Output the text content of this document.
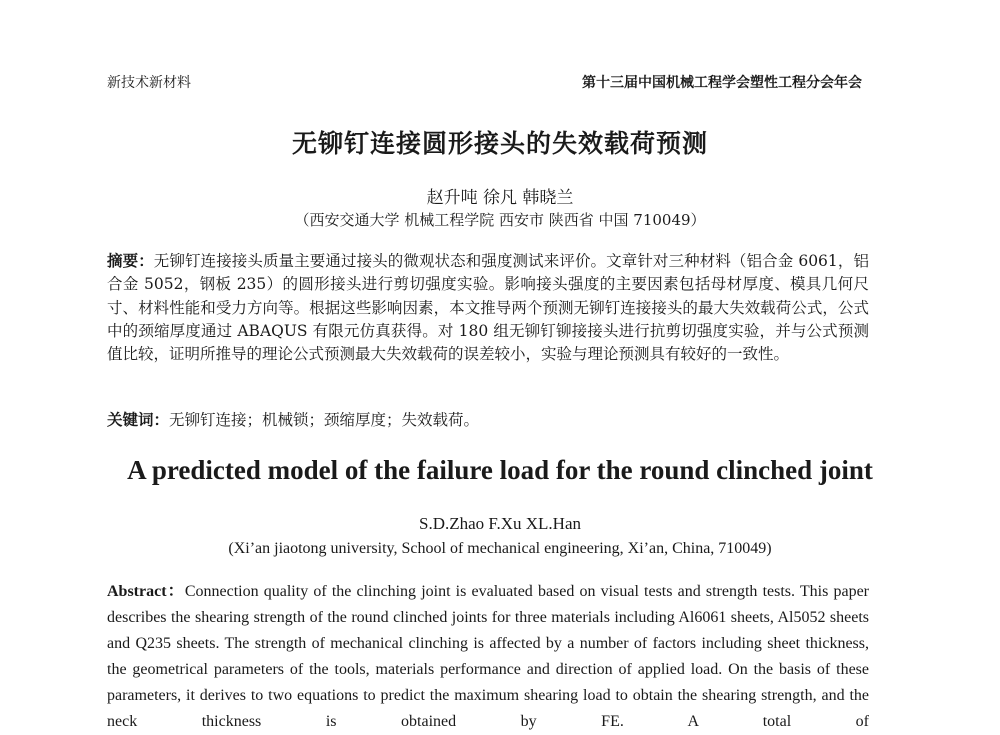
新技术新材料	第十三届中国机械工程学会塑性工程分会年会
无铆钉连接圆形接头的失效载荷预测
赵升吨 徐凡 韩晓兰
（西安交通大学 机械工程学院 西安市 陕西省 中国 710049）

摘要：无铆钉连接接头质量主要通过接头的微观状态和强度测试来评价。文章针对三种材料（铝合金 6061，铝合金 5052，钢板 235）的圆形接头进行剪切强度实验。影响接头强度的主要因素包括母材厚度、模具几何尺寸、材料性能和受力方向等。根据这些影响因素，本文推导两个预测无铆钉连接接头的最大失效载荷公式，公式中的颈缩厚度通过 ABAQUS 有限元仿真获得。对 180 组无铆钉铆接接头进行抗剪切强度实验，并与公式预测值比较，证明所推导的理论公式预测最大失效载荷的误差较小，实验与理论预测具有较好的一致性。

关键词：无铆钉连接；机械锁；颈缩厚度；失效载荷。

A predicted model of the failure load for the round clinched joint
S.D.Zhao F.Xu XL.Han
(Xi’an jiaotong university, School of mechanical engineering, Xi’an, China, 710049)

Abstract：Connection quality of the clinching joint is evaluated based on visual tests and strength tests. This paper describes the shearing strength of the round clinched joints for three materials including Al6061 sheets, Al5052 sheets and Q235 sheets. The strength of mechanical clinching is affected by a number of factors including sheet thickness, the geometrical parameters of the tools, materials performance and direction of applied load. On the basis of these parameters, it derives to two equations to predict the maximum shearing load to obtain the shearing strength, and the neck thickness is obtained by FE. A total of
